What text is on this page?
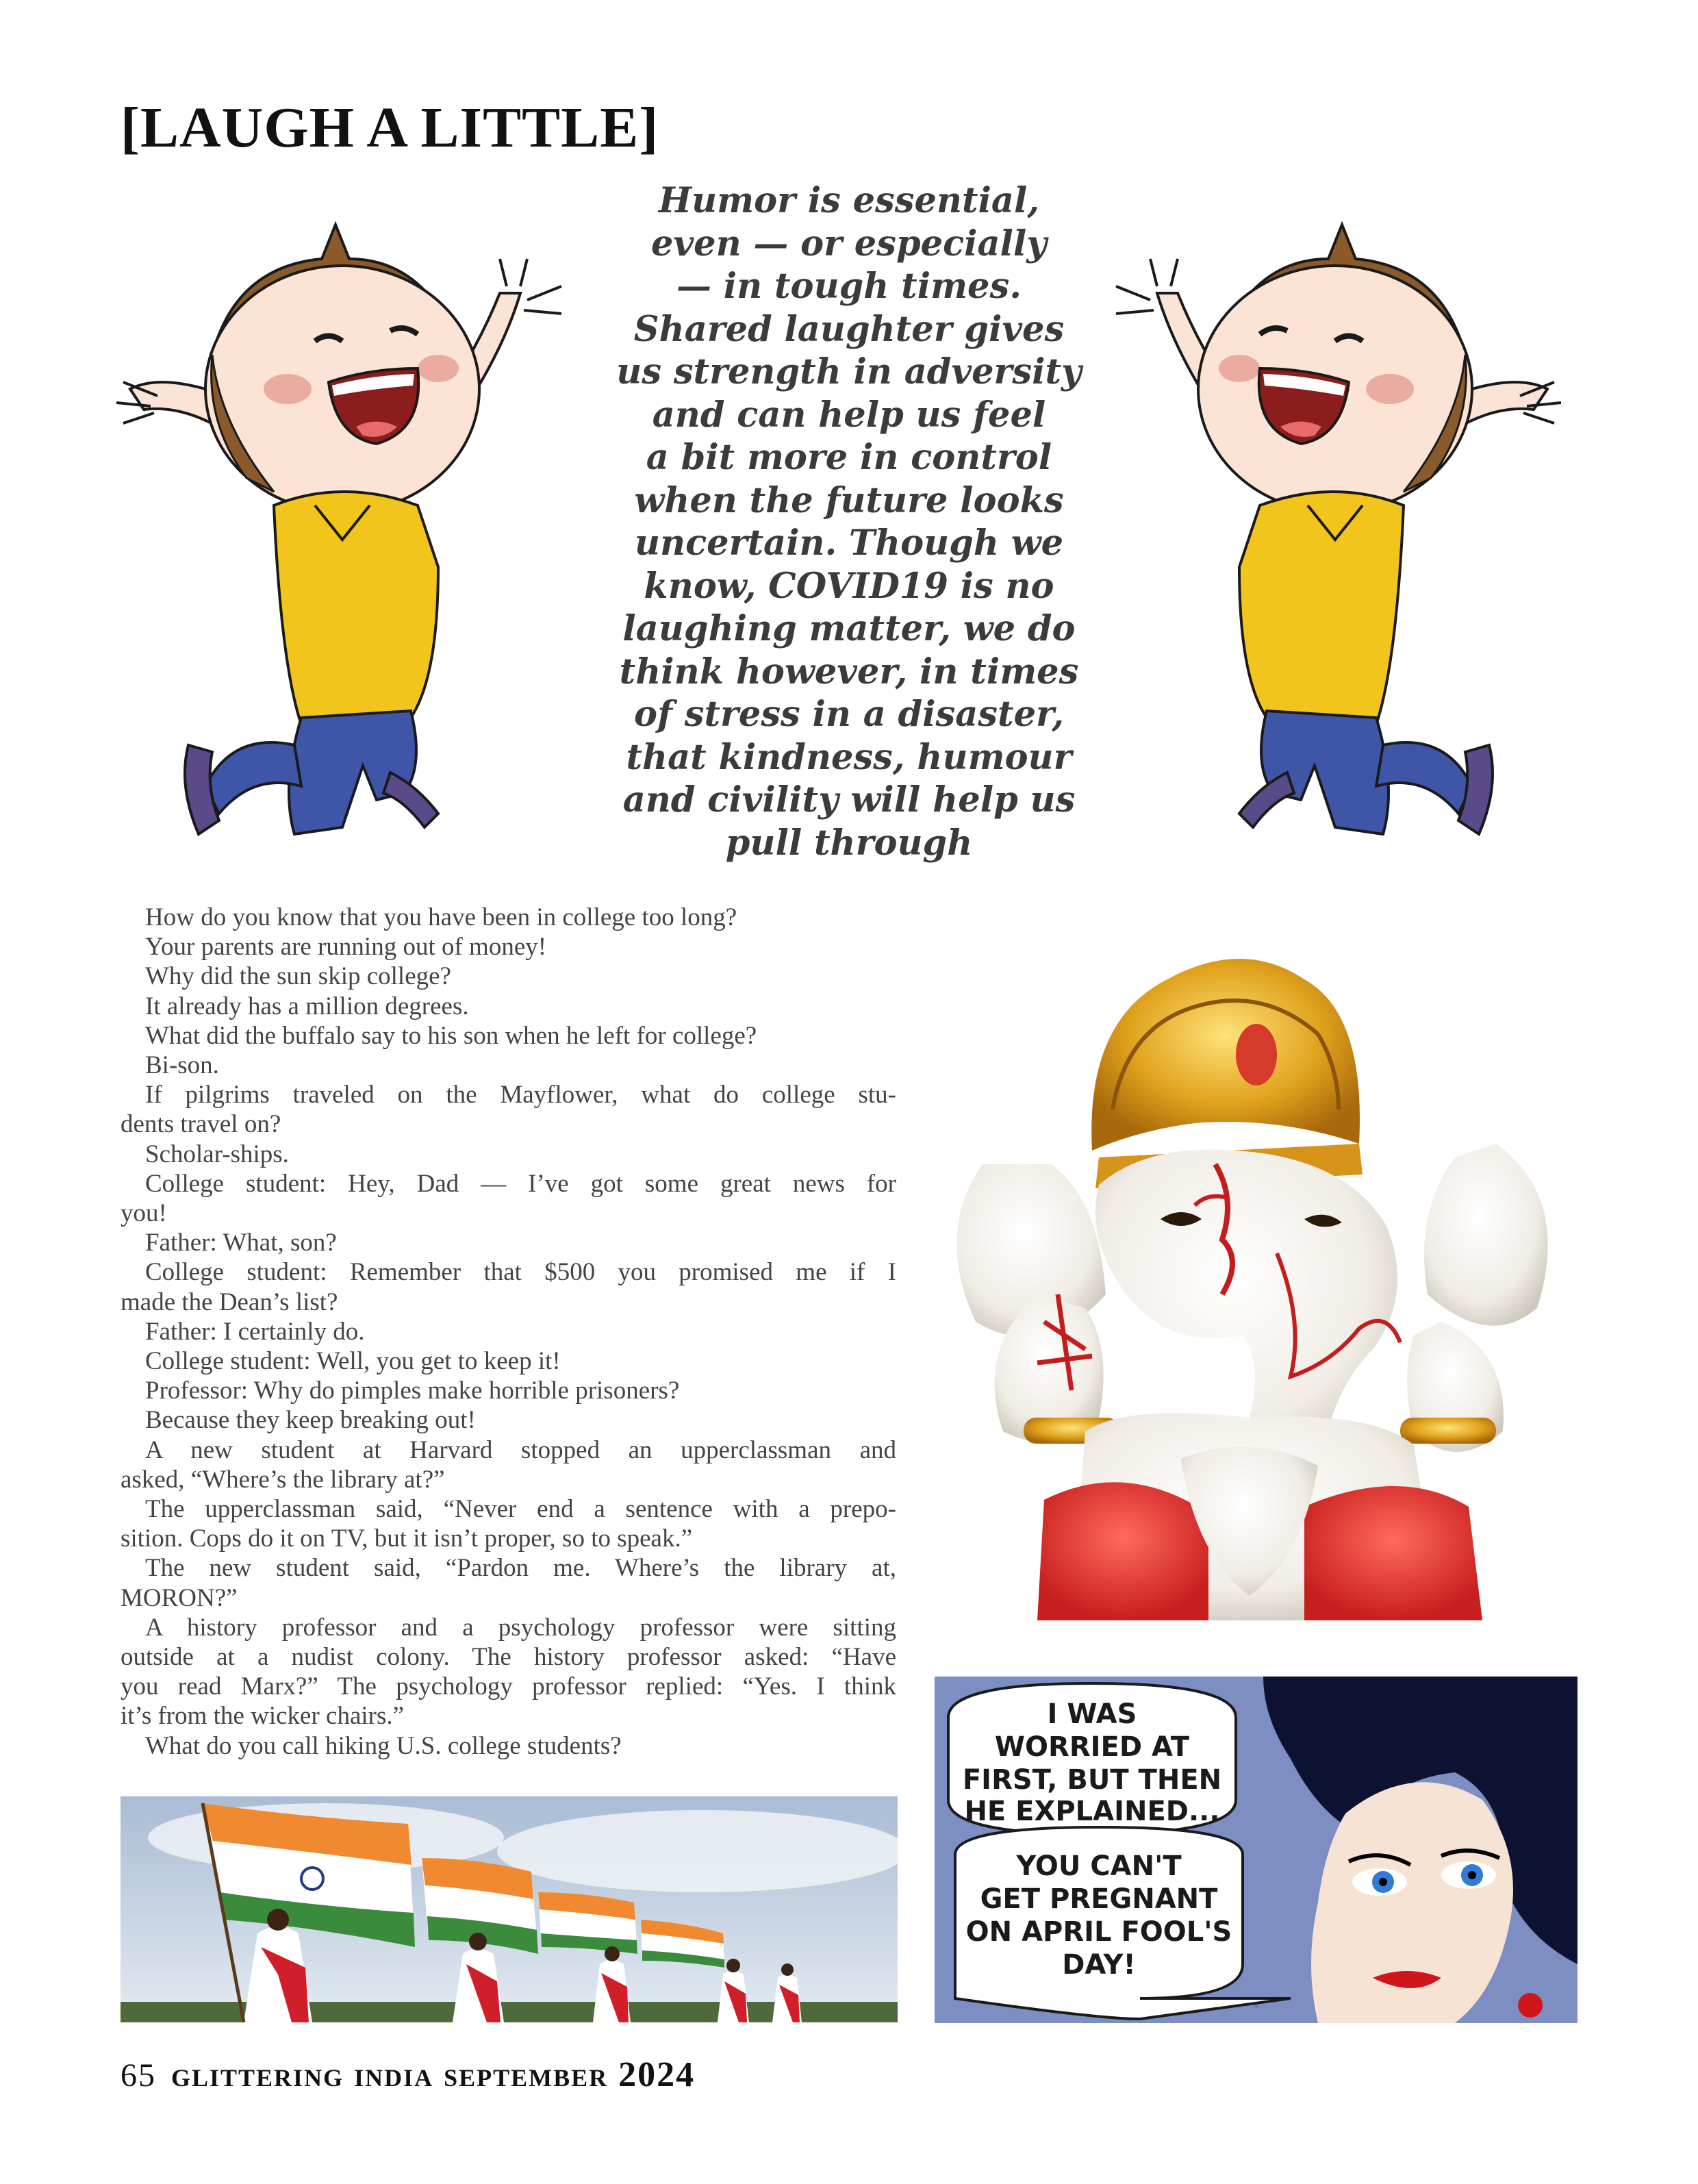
[LAUGH A LITTLE]
Humor is essential,
even — or especially
— in tough times.
Shared laughter gives
us strength in adversity
and can help us feel
a bit more in control
when the future looks
uncertain. Though we
know, COVID19 is no
laughing matter, we do
think however, in times
of stress in a disaster,
that kindness, humour
and civility will help us
pull through
How do you know that you have been in college too long?
Your parents are running out of money!
Why did the sun skip college?
It already has a million degrees.
What did the buffalo say to his son when he left for college?
Bi-son.
If pilgrims traveled on the Mayflower, what do college stu-
dents travel on?
Scholar-ships.
College student: Hey, Dad — I’ve got some great news for
you!
Father: What, son?
College student: Remember that $500 you promised me if I
made the Dean’s list?
Father: I certainly do.
College student: Well, you get to keep it!
Professor: Why do pimples make horrible prisoners?
Because they keep breaking out!
A new student at Harvard stopped an upperclassman and
asked, “Where’s the library at?”
The upperclassman said, “Never end a sentence with a prepo-
sition. Cops do it on TV, but it isn’t proper, so to speak.”
The new student said, “Pardon me. Where’s the library at,
MORON?”
A history professor and a psychology professor were sitting
outside at a nudist colony. The history professor asked: “Have
you read Marx?” The psychology professor replied: “Yes. I think
it’s from the wicker chairs.”
What do you call hiking U.S. college students?
I WAS
WORRIED AT
FIRST, BUT THEN
HE EXPLAINED...
YOU CAN'T
GET PREGNANT
ON APRIL FOOL'S
DAY!
65 glittering india september 2024
